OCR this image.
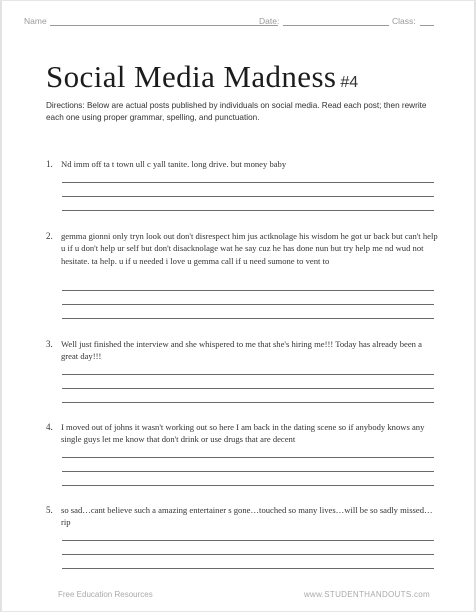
Name	Date:	Class:
Social Media Madness #4
Directions: Below are actual posts published by individuals on social media. Read each post; then rewrite each one using proper grammar, spelling, and punctuation.
1. Nd imm off ta t town ull c yall tanite. long drive. but money baby
2. gemma gionni only tryn look out don't disrespect him jus actknolage his wisdom he got ur back but can't help u if u don't help ur self but don't disacknolage wat he say cuz he has done nun but try help me nd wud not hesitate. ta help. u if u needed i love u gemma call if u need sumone to vent to
3. Well just finished the interview and she whispered to me that she's hiring me!!! Today has already been a great day!!!
4. I moved out of johns it wasn't working out so here I am back in the dating scene so if anybody knows any single guys let me know that don't drink or use drugs that are decent
5. so sad…cant believe such a amazing entertainer s gone…touched so many lives…will be so sadly missed…rip
Free Education Resources	www.STUDENTHANDOUTS.com
